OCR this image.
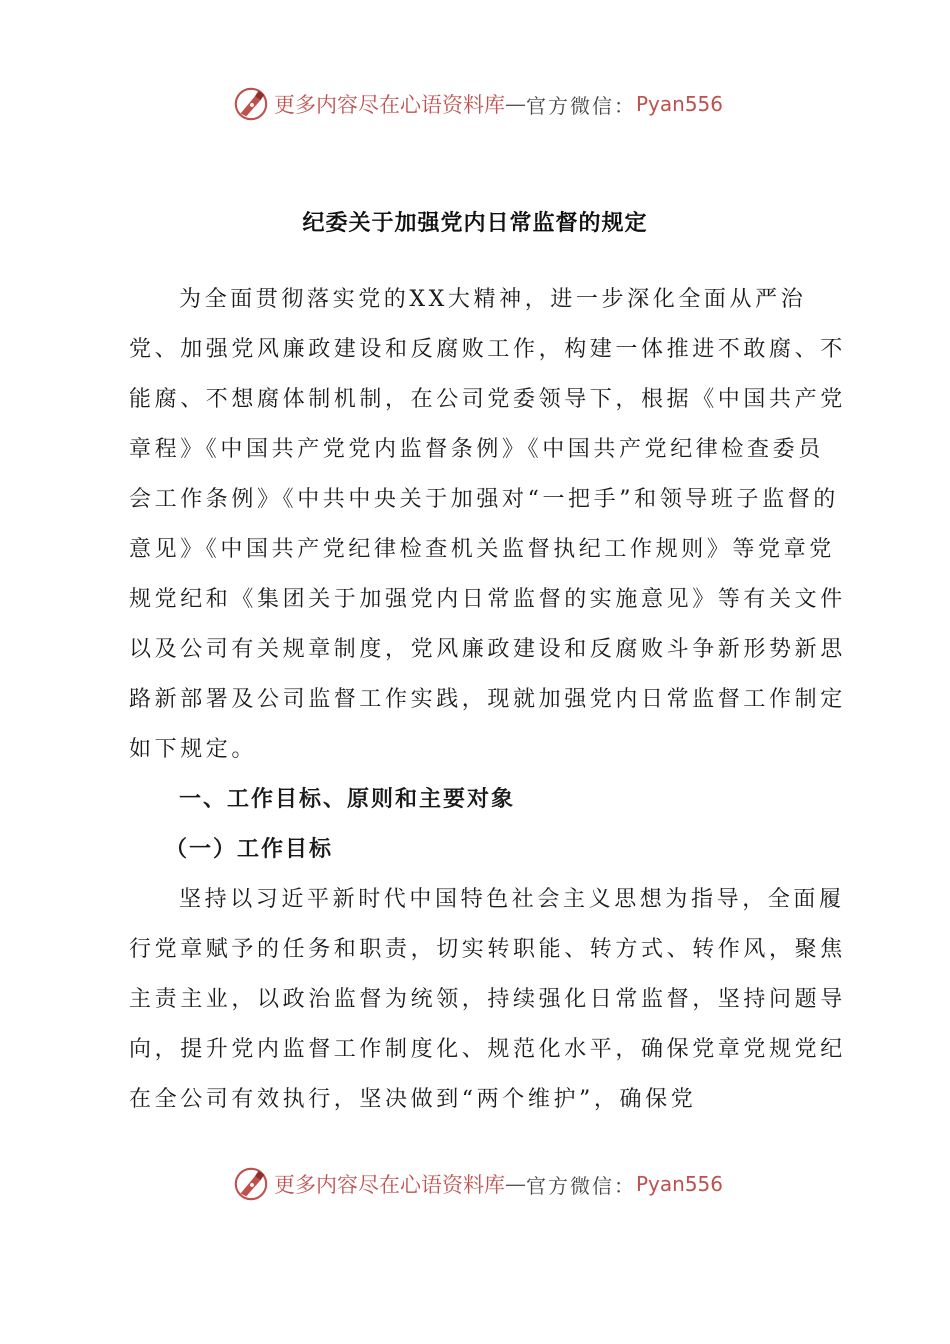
更多内容尽在心语资料库 — 官方微信： Pyan556
纪委关于加强党内日常监督的规定

为全面贯彻落实党的XX大精神，进一步深化全面从严治党、加强党风廉政建设和反腐败工作，构建一体推进不敢腐、不能腐、不想腐体制机制，在公司党委领导下，根据《中国共产党章程》《中国共产党党内监督条例》《中国共产党纪律检查委员会工作条例》《中共中央关于加强对“一把手”和领导班子监督的意见》《中国共产党纪律检查机关监督执纪工作规则》等党章党规党纪和《集团关于加强党内日常监督的实施意见》等有关文件以及公司有关规章制度，党风廉政建设和反腐败斗争新形势新思路新部署及公司监督工作实践，现就加强党内日常监督工作制定如下规定。

一、工作目标、原则和主要对象
（一）工作目标

坚持以习近平新时代中国特色社会主义思想为指导，全面履行党章赋予的任务和职责，切实转职能、转方式、转作风，聚焦主责主业，以政治监督为统领，持续强化日常监督，坚持问题导向，提升党内监督工作制度化、规范化水平，确保党章党规党纪在全公司有效执行，坚决做到“两个维护”，确保党

更多内容尽在心语资料库 — 官方微信： Pyan556
